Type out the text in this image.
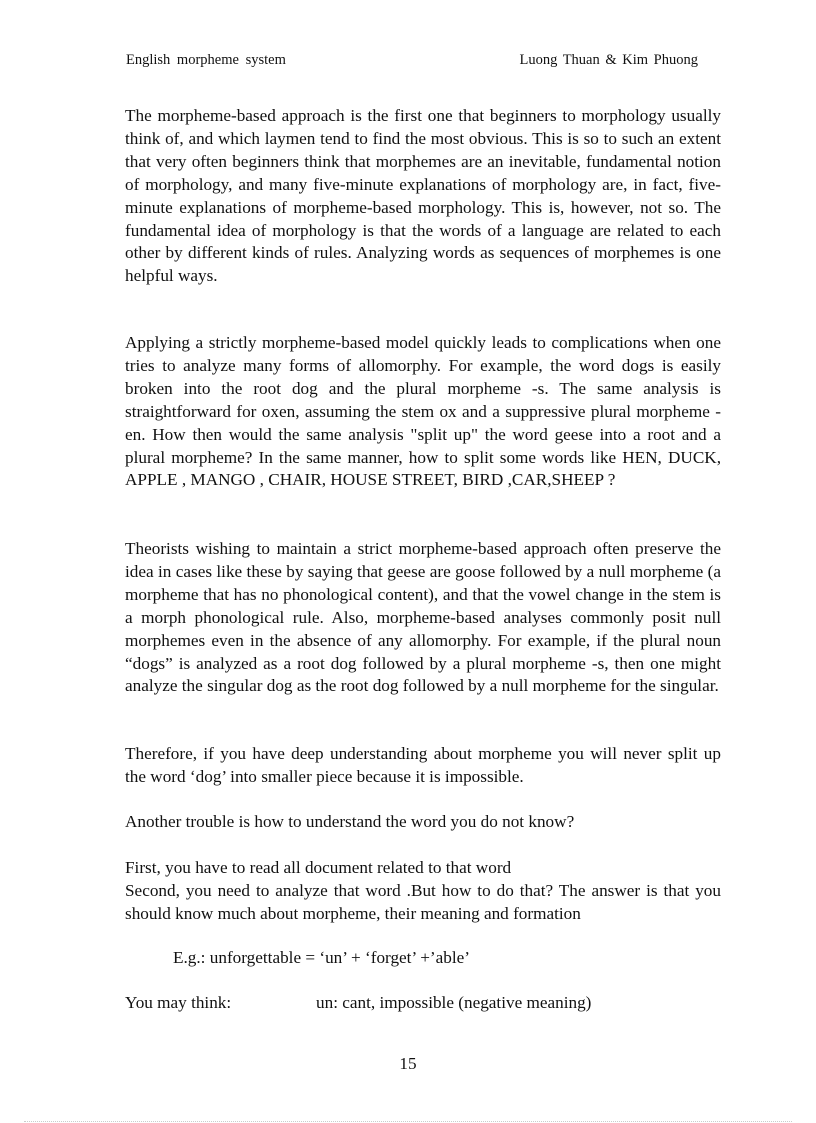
English morpheme system	Luong Thuan & Kim Phuong
The morpheme-based approach is the first one that beginners to morphology usually think of, and which laymen tend to find the most obvious. This is so to such an extent that very often beginners think that morphemes are an inevitable, fundamental notion of morphology, and many five-minute explanations of morphology are, in fact, five-minute explanations of morpheme-based morphology. This is, however, not so. The fundamental idea of morphology is that the words of a language are related to each other by different kinds of rules. Analyzing words as sequences of morphemes is one helpful ways.
Applying a strictly morpheme-based model quickly leads to complications when one tries to analyze many forms of allomorphy. For example, the word dogs is easily broken into the root dog and the plural morpheme -s. The same analysis is straightforward for oxen, assuming the stem ox and a suppressive plural morpheme -en. How then would the same analysis "split up" the word geese into a root and a plural morpheme? In the same manner, how to split some words like HEN, DUCK, APPLE , MANGO , CHAIR, HOUSE STREET, BIRD ,CAR,SHEEP ?
Theorists wishing to maintain a strict morpheme-based approach often preserve the idea in cases like these by saying that geese are goose followed by a null morpheme (a morpheme that has no phonological content), and that the vowel change in the stem is a morph phonological rule. Also, morpheme-based analyses commonly posit null morphemes even in the absence of any allomorphy. For example, if the plural noun “dogs” is analyzed as a root dog followed by a plural morpheme -s, then one might analyze the singular dog as the root dog followed by a null morpheme for the singular.
Therefore, if you have deep understanding about morpheme you will never split up the word ‘dog’ into smaller piece because it is impossible.
Another trouble is how to understand the word you do not know?
First, you have to read all document related to that word
Second, you need to analyze that word .But how to do that? The answer is that you should know much about morpheme, their meaning and formation
E.g.: unforgettable = ‘un’ + ‘forget’ +’able’
You may think:	un: cant, impossible (negative meaning)
15
